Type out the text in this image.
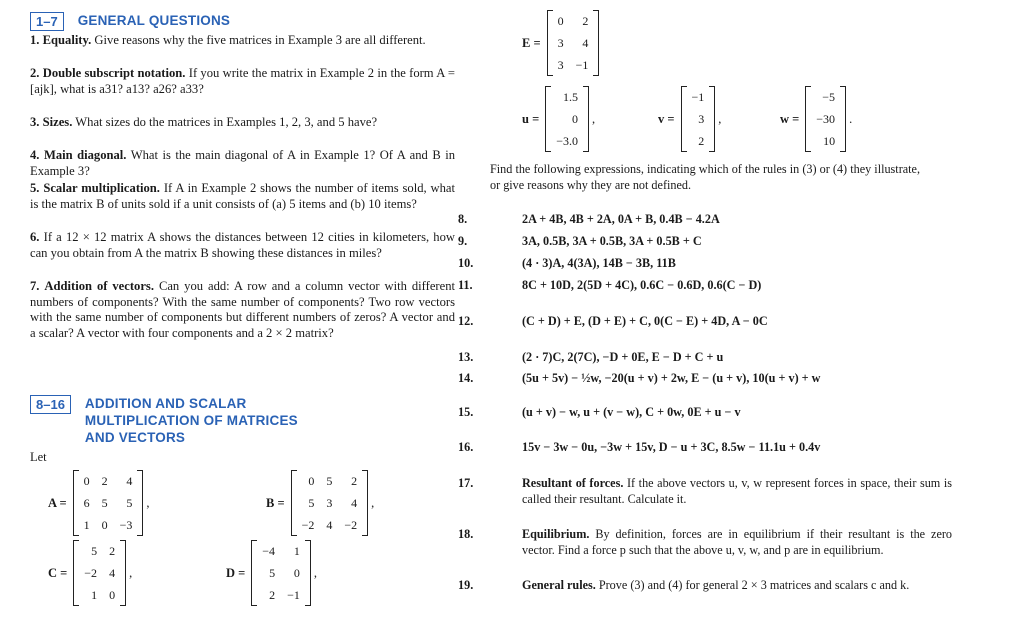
1–7	GENERAL QUESTIONS
1. Equality. Give reasons why the five matrices in Example 3 are all different.
2. Double subscript notation. If you write the matrix in Example 2 in the form A = [ajk], what is a31? a13? a26? a33?
3. Sizes. What sizes do the matrices in Examples 1, 2, 3, and 5 have?
4. Main diagonal. What is the main diagonal of A in Example 1? Of A and B in Example 3?
5. Scalar multiplication. If A in Example 2 shows the number of items sold, what is the matrix B of units sold if a unit consists of (a) 5 items and (b) 10 items?
6. If a 12 × 12 matrix A shows the distances between 12 cities in kilometers, how can you obtain from A the matrix B showing these distances in miles?
7. Addition of vectors. Can you add: A row and a column vector with different numbers of components? With the same number of components? Two row vectors with the same number of components but different numbers of zeros? A vector and a scalar? A vector with four components and a 2 × 2 matrix?
8–16	ADDITION AND SCALAR
MULTIPLICATION OF MATRICES
AND VECTORS
Let
A =
0	2	4
6	5	5
1	0	−3
,	B =
0	5	2
5	3	4
−2	4	−2
,
C =
5	2
−2	4
1	0
,	D =
−4	1
5	0
2	−1
,
E =
0	2
3	4
3	−1
u =
1.5
0
−3.0
,	v =
−1
3
2
,	w =
−5
−30
10
.
Find the following expressions, indicating which of the rules in (3) or (4) they illustrate, or give reasons why they are not defined.
8.	2A + 4B, 4B + 2A, 0A + B, 0.4B − 4.2A
9.	3A, 0.5B, 3A + 0.5B, 3A + 0.5B + C
10.	(4 · 3)A, 4(3A), 14B − 3B, 11B
11.	8C + 10D, 2(5D + 4C), 0.6C − 0.6D, 0.6(C − D)
12.	(C + D) + E, (D + E) + C, 0(C − E) + 4D, A − 0C
13.	(2 · 7)C, 2(7C), −D + 0E, E − D + C + u
14.	(5u + 5v) − ½w, −20(u + v) + 2w, E − (u + v), 10(u + v) + w
15.	(u + v) − w, u + (v − w), C + 0w, 0E + u − v
16.	15v − 3w − 0u, −3w + 15v, D − u + 3C, 8.5w − 11.1u + 0.4v
17.	Resultant of forces. If the above vectors u, v, w represent forces in space, their sum is called their resultant. Calculate it.
18.	Equilibrium. By definition, forces are in equilibrium if their resultant is the zero vector. Find a force p such that the above u, v, w, and p are in equilibrium.
19.	General rules. Prove (3) and (4) for general 2 × 3 matrices and scalars c and k.
